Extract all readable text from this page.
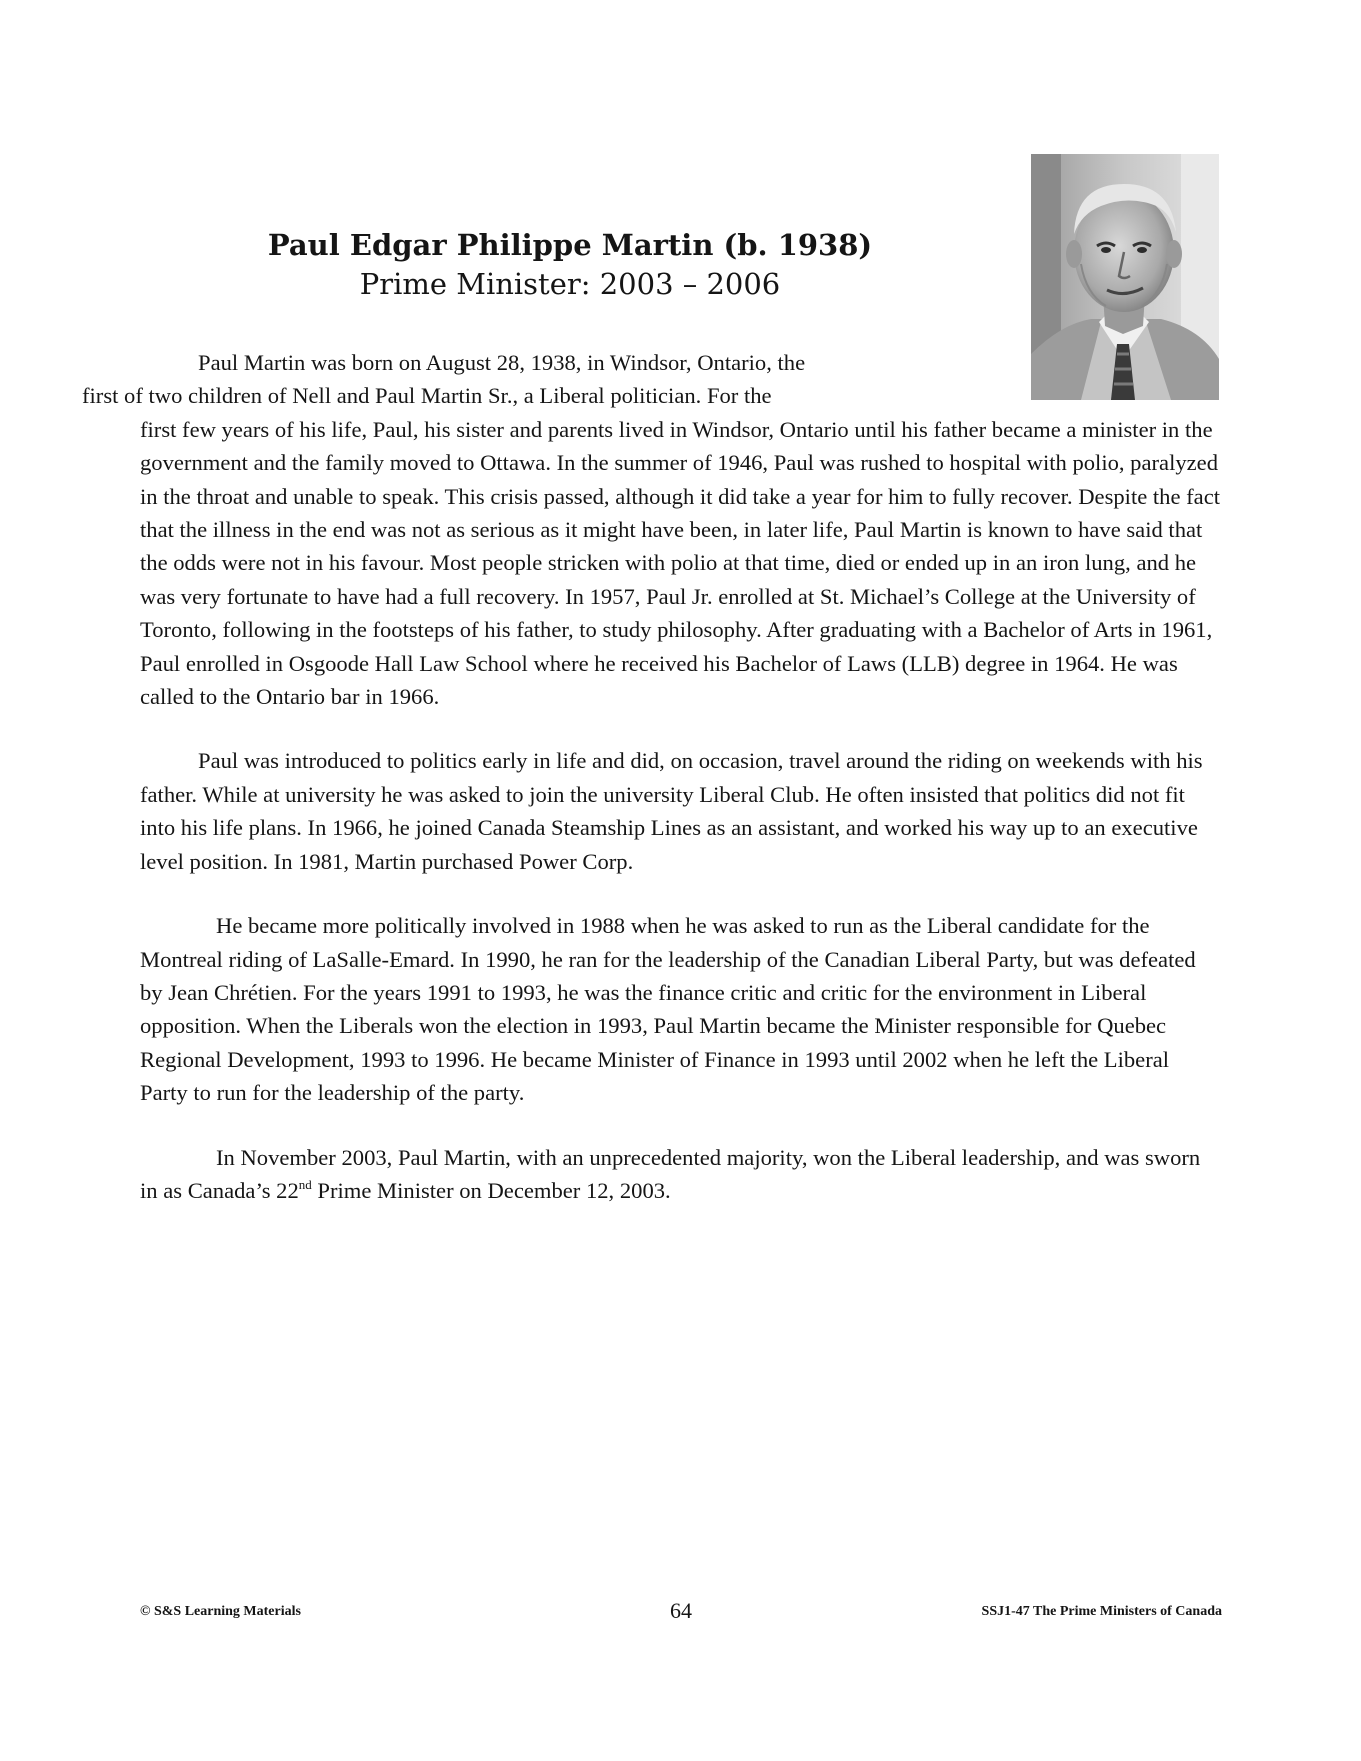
Paul Edgar Philippe Martin (b. 1938)
Prime Minister: 2003 – 2006

Paul Martin was born on August 28, 1938, in Windsor, Ontario, the
first of two children of Nell and Paul Martin Sr., a Liberal politician. For the

first few years of his life, Paul, his sister and parents lived in Windsor, Ontario until his father became a minister in the government and the family moved to Ottawa. In the summer of 1946, Paul was rushed to hospital with polio, paralyzed in the throat and unable to speak. This crisis passed, although it did take a year for him to fully recover. Despite the fact that the illness in the end was not as serious as it might have been, in later life, Paul Martin is known to have said that the odds were not in his favour. Most people stricken with polio at that time, died or ended up in an iron lung, and he was very fortunate to have had a full recovery. In 1957, Paul Jr. enrolled at St. Michael’s College at the University of Toronto, following in the footsteps of his father, to study philosophy. After graduating with a Bachelor of Arts in 1961, Paul enrolled in Osgoode Hall Law School where he received his Bachelor of Laws (LLB) degree in 1964. He was called to the Ontario bar in 1966.

Paul was introduced to politics early in life and did, on occasion, travel around the riding on weekends with his father. While at university he was asked to join the university Liberal Club. He often insisted that politics did not fit into his life plans. In 1966, he joined Canada Steamship Lines as an assistant, and worked his way up to an executive level position. In 1981, Martin purchased Power Corp.

He became more politically involved in 1988 when he was asked to run as the Liberal candidate for the Montreal riding of LaSalle-Emard. In 1990, he ran for the leadership of the Canadian Liberal Party, but was defeated by Jean Chrétien. For the years 1991 to 1993, he was the finance critic and critic for the environment in Liberal opposition. When the Liberals won the election in 1993, Paul Martin became the Minister responsible for Quebec Regional Development, 1993 to 1996. He became Minister of Finance in 1993 until 2002 when he left the Liberal Party to run for the leadership of the party.

In November 2003, Paul Martin, with an unprecedented majority, won the Liberal leadership, and was sworn in as Canada’s 22nd Prime Minister on December 12, 2003.

© S&S Learning Materials	64	SSJ1-47 The Prime Ministers of Canada
